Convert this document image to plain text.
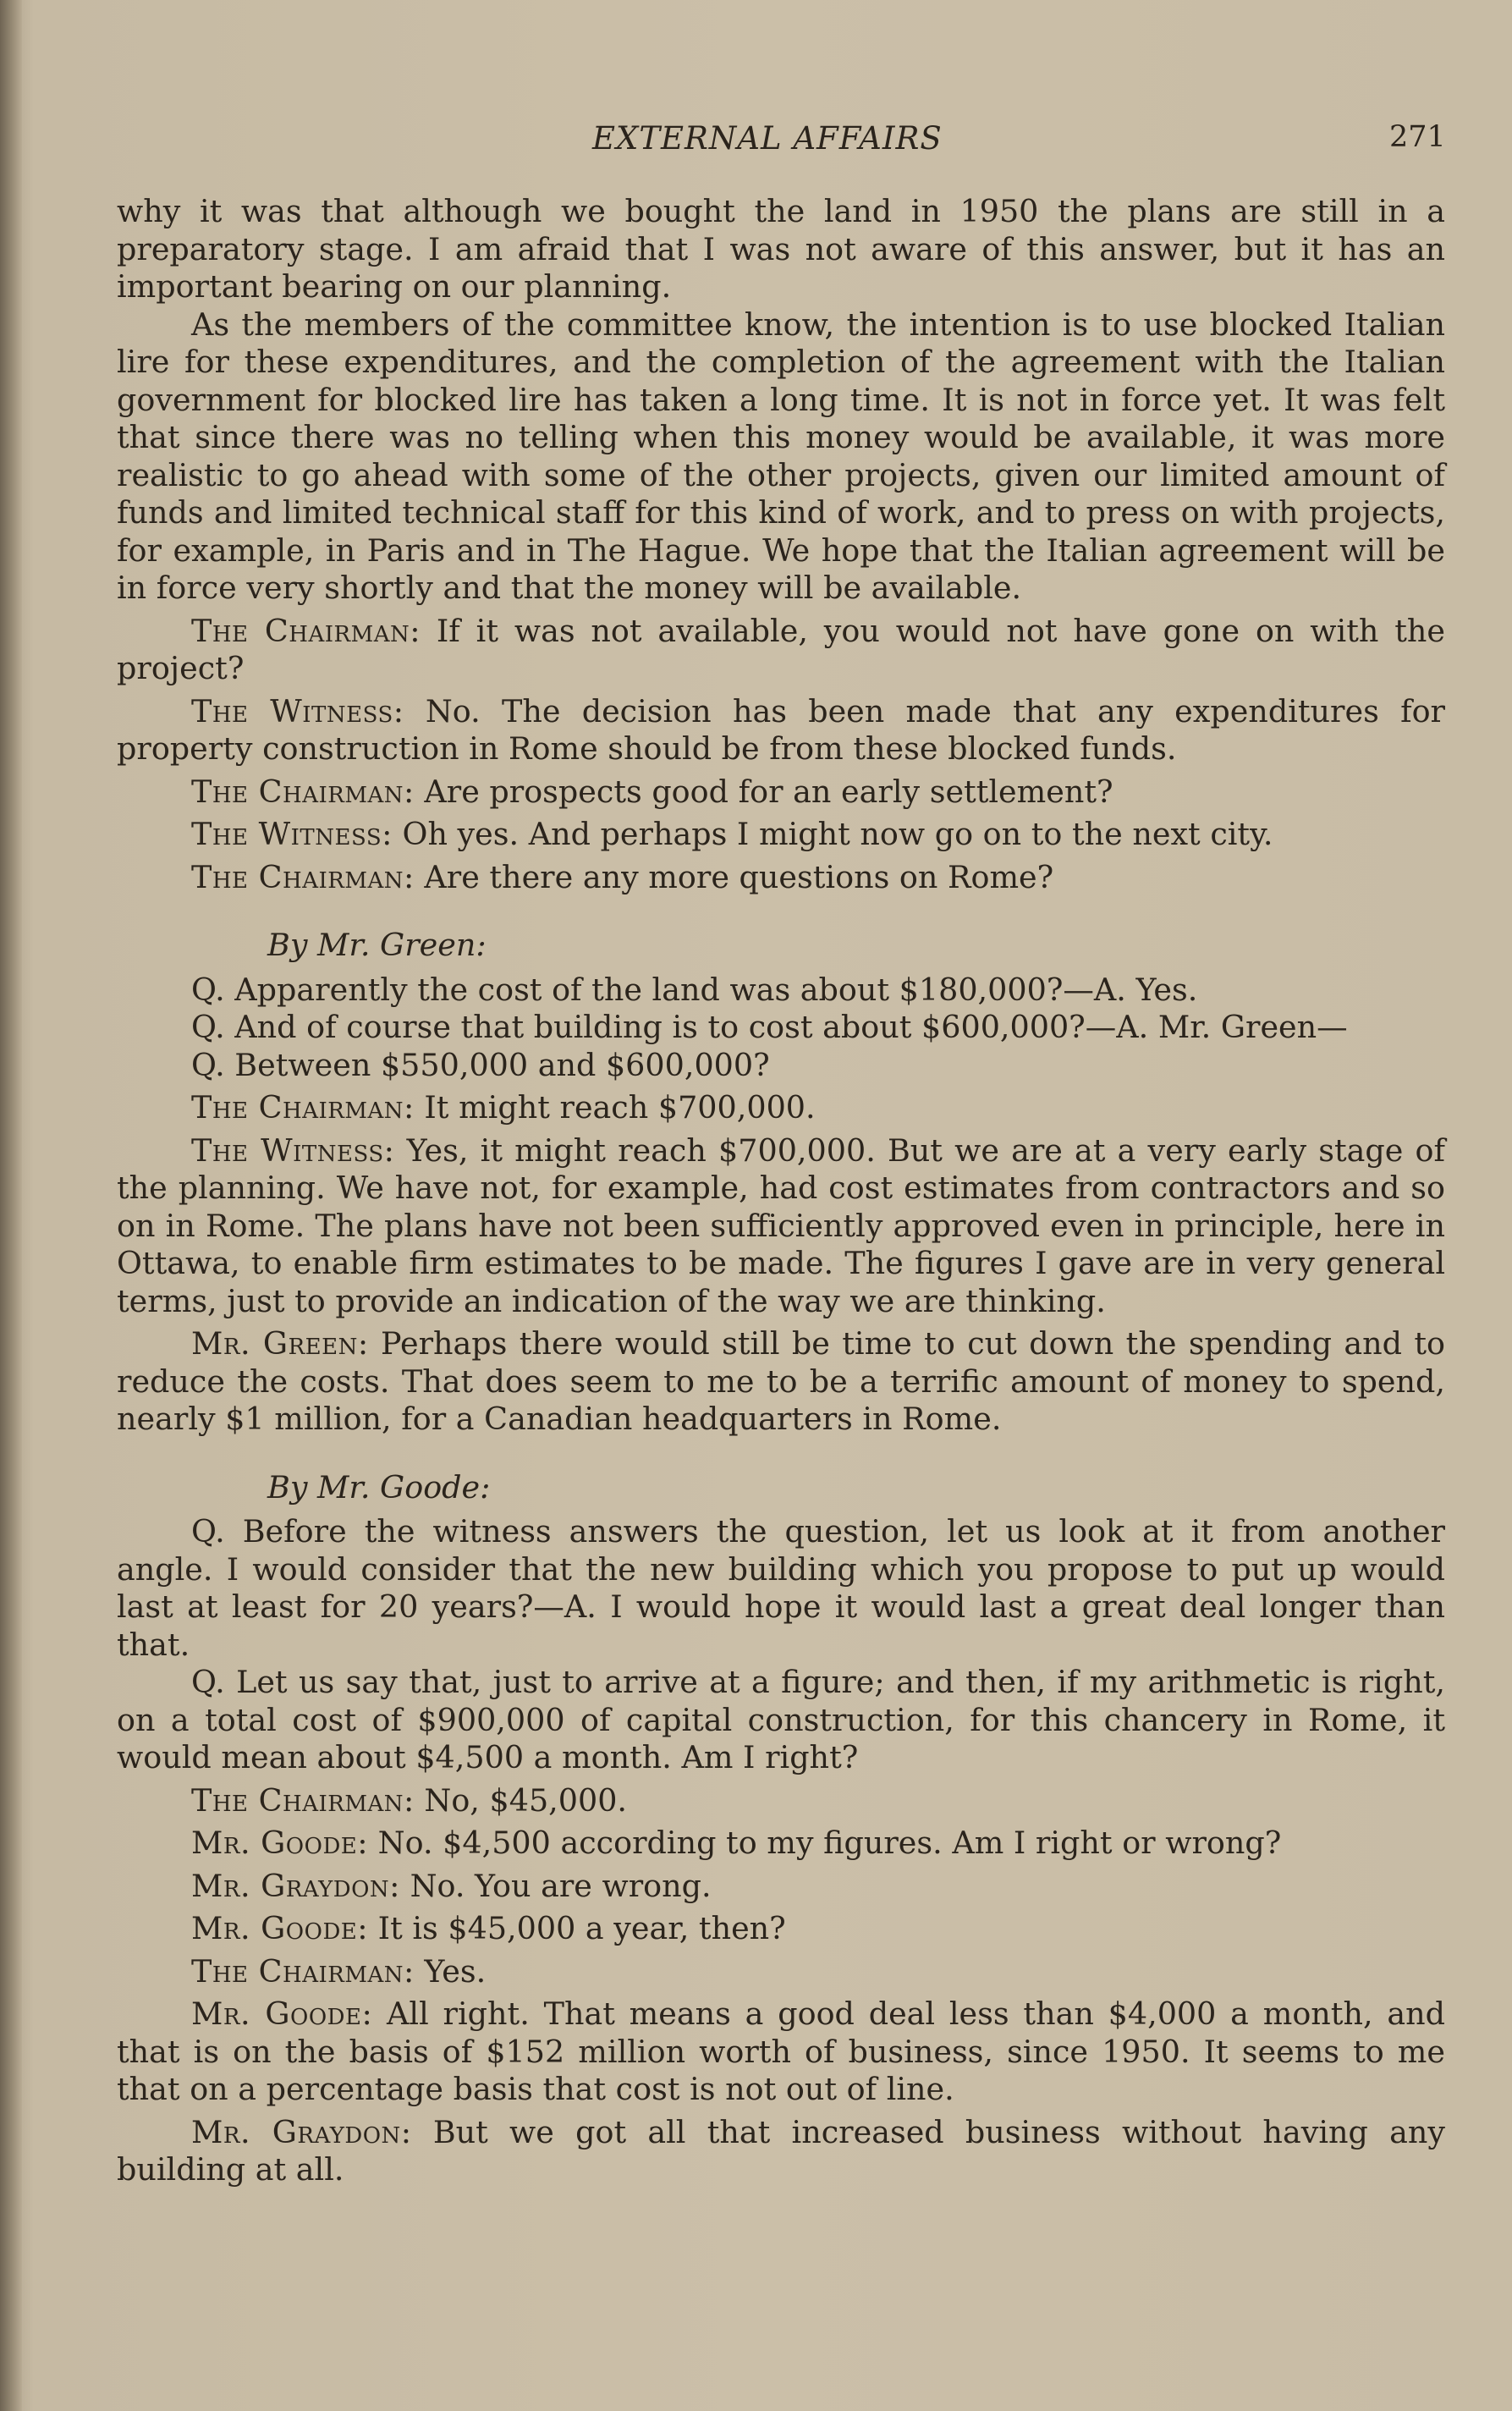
EXTERNAL AFFAIRS	271

why it was that although we bought the land in 1950 the plans are still in a preparatory stage. I am afraid that I was not aware of this answer, but it has an important bearing on our planning.

As the members of the committee know, the intention is to use blocked Italian lire for these expenditures, and the completion of the agreement with the Italian government for blocked lire has taken a long time. It is not in force yet. It was felt that since there was no telling when this money would be available, it was more realistic to go ahead with some of the other projects, given our limited amount of funds and limited technical staff for this kind of work, and to press on with projects, for example, in Paris and in The Hague. We hope that the Italian agreement will be in force very shortly and that the money will be available.

The Chairman: If it was not available, you would not have gone on with the project?

The Witness: No. The decision has been made that any expenditures for property construction in Rome should be from these blocked funds.

The Chairman: Are prospects good for an early settlement?

The Witness: Oh yes. And perhaps I might now go on to the next city.

The Chairman: Are there any more questions on Rome?

By Mr. Green:

Q. Apparently the cost of the land was about $180,000?—A. Yes.

Q. And of course that building is to cost about $600,000?—A. Mr. Green—

Q. Between $550,000 and $600,000?

The Chairman: It might reach $700,000.

The Witness: Yes, it might reach $700,000. But we are at a very early stage of the planning. We have not, for example, had cost estimates from contractors and so on in Rome. The plans have not been sufficiently approved even in principle, here in Ottawa, to enable firm estimates to be made. The figures I gave are in very general terms, just to provide an indication of the way we are thinking.

Mr. Green: Perhaps there would still be time to cut down the spending and to reduce the costs. That does seem to me to be a terrific amount of money to spend, nearly $1 million, for a Canadian headquarters in Rome.

By Mr. Goode:

Q. Before the witness answers the question, let us look at it from another angle. I would consider that the new building which you propose to put up would last at least for 20 years?—A. I would hope it would last a great deal longer than that.

Q. Let us say that, just to arrive at a figure; and then, if my arithmetic is right, on a total cost of $900,000 of capital construction, for this chancery in Rome, it would mean about $4,500 a month. Am I right?

The Chairman: No, $45,000.

Mr. Goode: No. $4,500 according to my figures. Am I right or wrong?

Mr. Graydon: No. You are wrong.

Mr. Goode: It is $45,000 a year, then?

The Chairman: Yes.

Mr. Goode: All right. That means a good deal less than $4,000 a month, and that is on the basis of $152 million worth of business, since 1950. It seems to me that on a percentage basis that cost is not out of line.

Mr. Graydon: But we got all that increased business without having any building at all.
